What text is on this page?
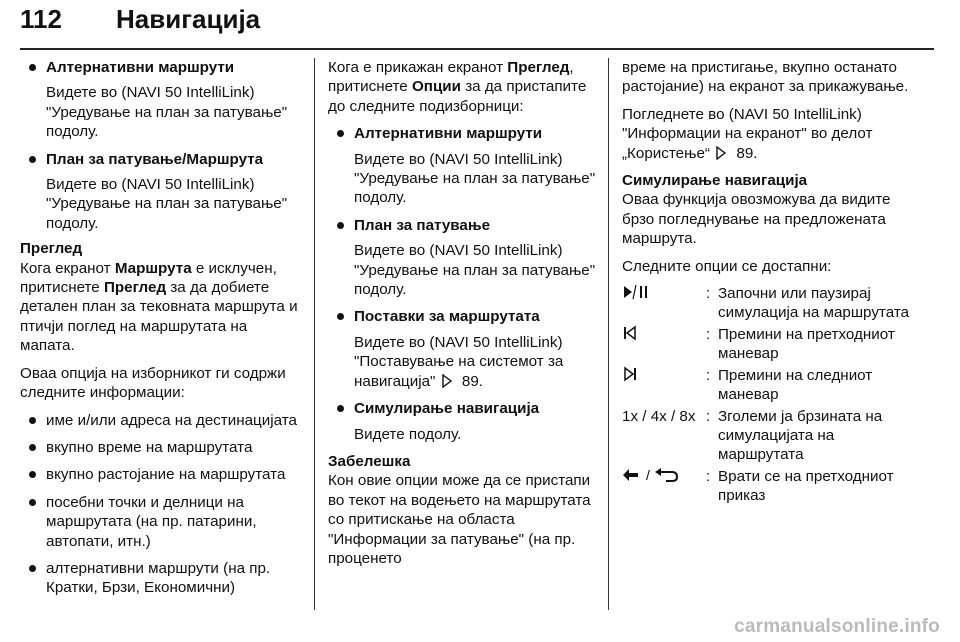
112 Навигација
Алтернативни маршрути
Видете во (NAVI 50 IntelliLink) "Уредување на план за патување" подолу.
План за патување/Маршрута
Видете во (NAVI 50 IntelliLink) "Уредување на план за патување" подолу.
Преглед

Кога екранот Маршрута е исклучен, притиснете Преглед за да добиете детален план за тековната маршрута и птичји поглед на маршрутата на мапата.

Оваа опција на изборникот ги содржи следните информации:

име и/или адреса на дестинацијата
вкупно време на маршрутата
вкупно растојание на маршрутата
посебни точки и делници на маршрутата (на пр. патарини, автопати, итн.)
алтернативни маршрути (на пр. Кратки, Брзи, Економични)

Кога е прикажан екранот Преглед, притиснете Опции за да пристапите до следните подизборници:

Алтернативни маршрути
Видете во (NAVI 50 IntelliLink) "Уредување на план за патување" подолу.
План за патување
Видете во (NAVI 50 IntelliLink) "Уредување на план за патување" подолу.
Поставки за маршрутата
Видете во (NAVI 50 IntelliLink) "Поставување на системот за навигација"  89.
Симулирање навигација
Видете подолу.
Забелешка

Кон овие опции може да се пристапи во текот на водењето на маршрутата со притискање на областа "Информации за патување" (на пр. проценето

време на пристигање, вкупно останато растојание) на екранот за прикажување.

Погледнете во (NAVI 50 IntelliLink) "Информации на екранот" во делот „Користење“  89.

Симулирање навигација

Оваа функција овозможува да видите брзо погледнување на предложената маршрута.

Следните опции се достапни:

: Започни или паузирај симулација на маршрутата
: Премини на претходниот маневар
: Премини на следниот маневар
1x / 4x / 8x : Зголеми ја брзината на симулацијата на маршрутата
/	: Врати се на претходниот приказ
carmanualsonline.info
